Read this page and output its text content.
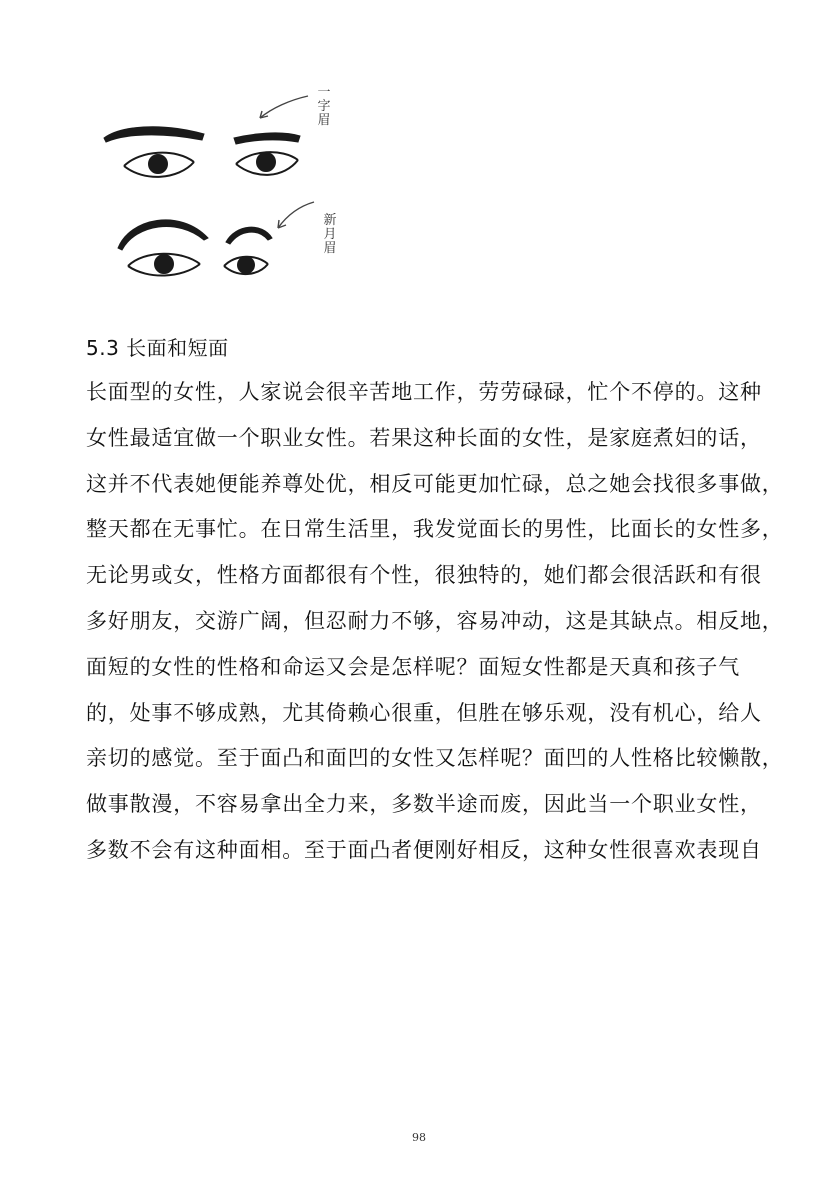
一
字
眉
新
月
眉
5.3 长面和短面
长面型的女性，人家说会很辛苦地工作，劳劳碌碌，忙个不停的。这种
女性最适宜做一个职业女性。若果这种长面的女性，是家庭煮妇的话，
这并不代表她便能养尊处优，相反可能更加忙碌，总之她会找很多事做，
整天都在无事忙。在日常生活里，我发觉面长的男性，比面长的女性多，
无论男或女，性格方面都很有个性，很独特的，她们都会很活跃和有很
多好朋友，交游广阔，但忍耐力不够，容易冲动，这是其缺点。相反地，
面短的女性的性格和命运又会是怎样呢？面短女性都是天真和孩子气
的，处事不够成熟，尤其倚赖心很重，但胜在够乐观，没有机心，给人
亲切的感觉。至于面凸和面凹的女性又怎样呢？面凹的人性格比较懒散，
做事散漫，不容易拿出全力来，多数半途而废，因此当一个职业女性，
多数不会有这种面相。至于面凸者便刚好相反，这种女性很喜欢表现自
98
